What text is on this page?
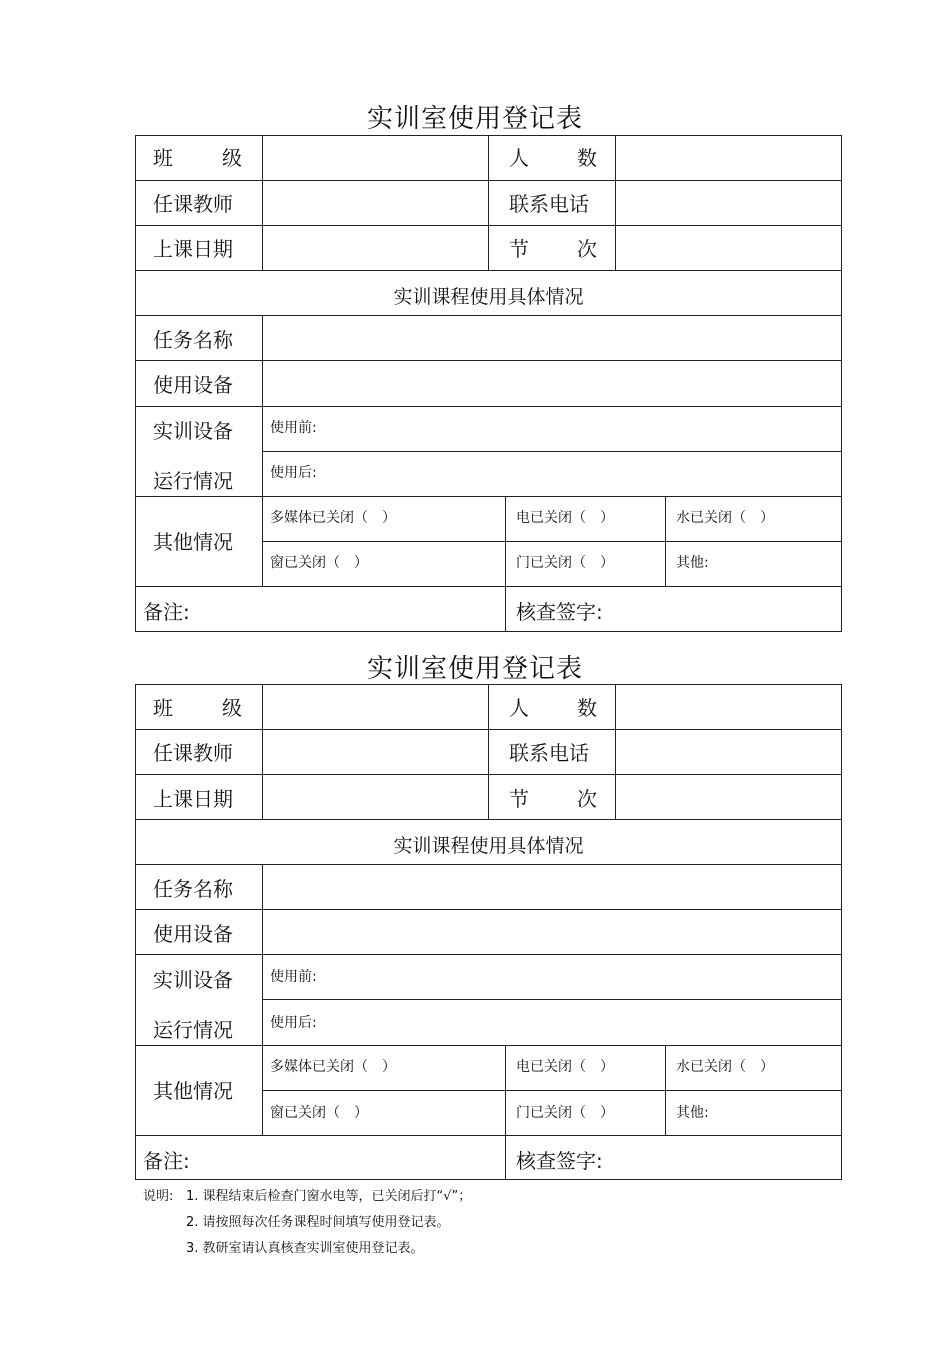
实训室使用登记表
班 级	人 数
任课教师	联系电话
上课日期	节 次
实训课程使用具体情况
任务名称
使用设备
实训设备
运行情况
使用前:
使用后:
其他情况
多媒体已关闭（　）	电已关闭（　）	水已关闭（　）
窗已关闭（　）	门已关闭（　）	其他:
备注:	核查签字:
实训室使用登记表
班 级	人 数
任课教师	联系电话
上课日期	节 次
实训课程使用具体情况
任务名称
使用设备
实训设备
运行情况
使用前:
使用后:
其他情况
多媒体已关闭（　）	电已关闭（　）	水已关闭（　）
窗已关闭（　）	门已关闭（　）	其他:
备注:	核查签字:
说明: 1. 课程结束后检查门窗水电等，已关闭后打“√”；
2. 请按照每次任务课程时间填写使用登记表。
3. 教研室请认真核查实训室使用登记表。
